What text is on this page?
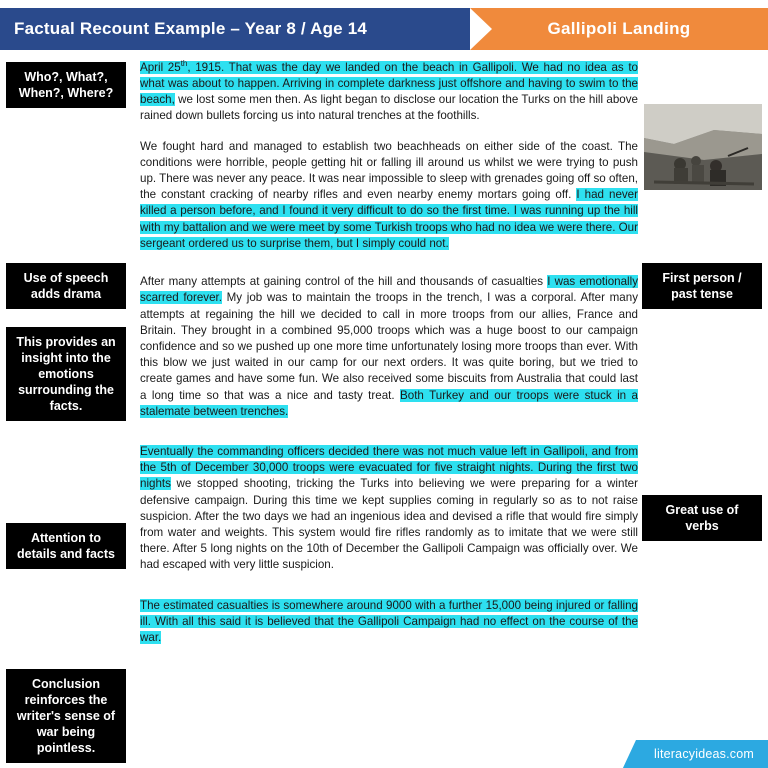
Factual Recount Example – Year 8 / Age 14	Gallipoli Landing

April 25th, 1915. That was the day we landed on the beach in Gallipoli. We had no idea as to what was about to happen. Arriving in complete darkness just offshore and having to swim to the beach, we lost some men then. As light began to disclose our location the Turks on the hill above rained down bullets forcing us into natural trenches at the foothills.

We fought hard and managed to establish two beachheads on either side of the coast. The conditions were horrible, people getting hit or falling ill around us whilst we were trying to push up. There was never any peace. It was near impossible to sleep with grenades going off so often, the constant cracking of nearby rifles and even nearby enemy mortars going off. I had never killed a person before, and I found it very difficult to do so the first time. I was running up the hill with my battalion and we were meet by some Turkish troops who had no idea we were there. Our sergeant ordered us to surprise them, but I simply could not.

After many attempts at gaining control of the hill and thousands of casualties I was emotionally scarred forever. My job was to maintain the troops in the trench, I was a corporal. After many attempts at regaining the hill we decided to call in more troops from our allies, France and Britain. They brought in a combined 95,000 troops which was a huge boost to our campaign confidence and so we pushed up one more time unfortunately losing more troops than ever. With this blow we just waited in our camp for our next orders. It was quite boring, but we tried to create games and have some fun. We also received some biscuits from Australia that could last a long time so that was a nice and tasty treat. Both Turkey and our troops were stuck in a stalemate between trenches.

Eventually the commanding officers decided there was not much value left in Gallipoli, and from the 5th of December 30,000 troops were evacuated for five straight nights. During the first two nights we stopped shooting, tricking the Turks into believing we were preparing for a winter defensive campaign. During this time we kept supplies coming in regularly so as to not raise suspicion. After the two days we had an ingenious idea and devised a rifle that would fire simply from water and weights. This system would fire rifles randomly as to imitate that we were still there. After 5 long nights on the 10th of December the Gallipoli Campaign was officially over. We had escaped with very little suspicion.

The estimated casualties is somewhere around 9000 with a further 15,000 being injured or falling ill. With all this said it is believed that the Gallipoli Campaign had no effect on the course of the war.

Who?, What?, When?, Where?
Use of speech adds drama
This provides an insight into the emotions surrounding the facts.
Attention to details and facts
Conclusion reinforces the writer's sense of war being pointless.
First person / past tense
Great use of verbs
literacyideas.com
